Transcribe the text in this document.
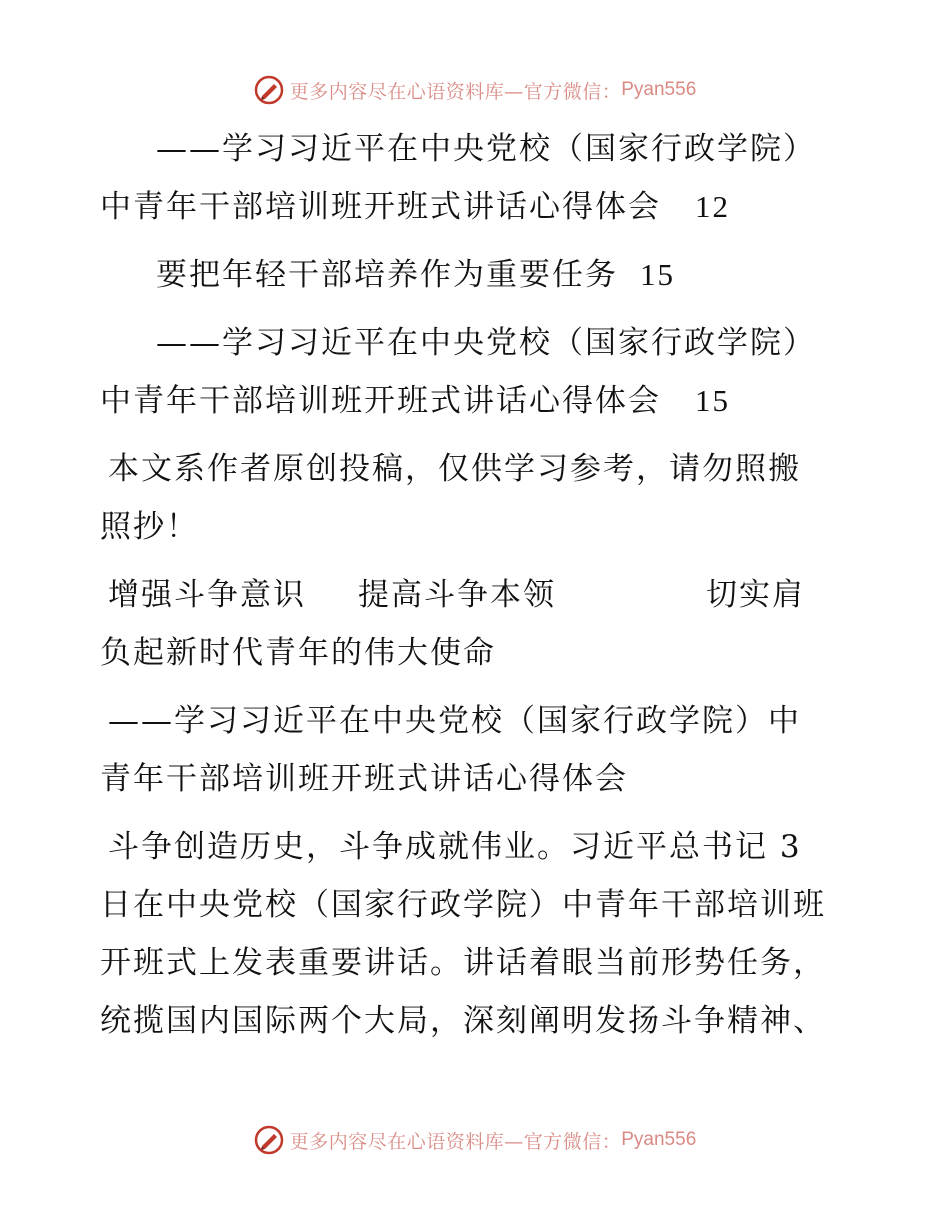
更多内容尽在心语资料库—官方微信： Pyan556
——学习习近平在中央党校（国家行政学院）
中青年干部培训班开班式讲话心得体会 12
要把年轻干部培养作为重要任务 15
——学习习近平在中央党校（国家行政学院）
中青年干部培训班开班式讲话心得体会 15
本文系作者原创投稿，仅供学习参考，请勿照搬
照抄！
增强斗争意识 提高斗争本领	切实肩
负起新时代青年的伟大使命
——学习习近平在中央党校（国家行政学院）中
青年干部培训班开班式讲话心得体会
斗争创造历史，斗争成就伟业。习近平总书记 3
日在中央党校（国家行政学院）中青年干部培训班
开班式上发表重要讲话。讲话着眼当前形势任务，
统揽国内国际两个大局，深刻阐明发扬斗争精神、
更多内容尽在心语资料库—官方微信： Pyan556
